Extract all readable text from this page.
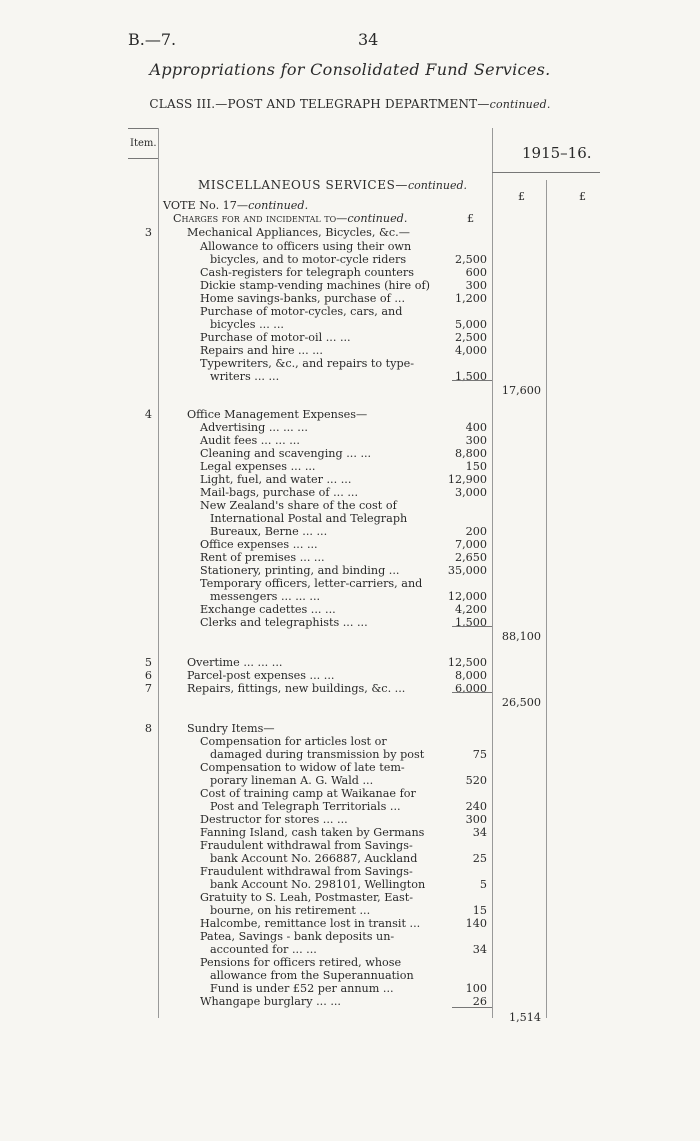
B.—7.	34
Appropriations for Consolidated Fund Services.
CLASS III.—POST AND TELEGRAPH DEPARTMENT—continued.
Item.
1915–16.
£	£
MISCELLANEOUS SERVICES—continued.
VOTE No. 17—continued.
Charges for and incidental to—continued.	£
3	Mechanical Appliances, Bicycles, &c.—
Allowance to officers using their own
bicycles, and to motor-cycle riders	2,500
Cash-registers for telegraph counters	600
Dickie stamp-vending machines (hire of)	300
Home savings-banks, purchase of ...	1,200
Purchase of motor-cycles, cars, and
bicycles ... ...	5,000
Purchase of motor-oil ... ...	2,500
Repairs and hire ... ...	4,000
Typewriters, &c., and repairs to type-
writers ... ...	1,500
17,600
4	Office Management Expenses—
Advertising ... ... ...	400
Audit fees ... ... ...	300
Cleaning and scavenging ... ...	8,800
Legal expenses ... ...	150
Light, fuel, and water ... ...	12,900
Mail-bags, purchase of ... ...	3,000
New Zealand's share of the cost of
International Postal and Telegraph
Bureaux, Berne ... ...	200
Office expenses ... ...	7,000
Rent of premises ... ...	2,650
Stationery, printing, and binding ...	35,000
Temporary officers, letter-carriers, and
messengers ... ... ...	12,000
Exchange cadettes ... ...	4,200
Clerks and telegraphists ... ...	1,500
88,100
5	Overtime ... ... ...	12,500
6	Parcel-post expenses ... ...	8,000
7	Repairs, fittings, new buildings, &c. ...	6,000
26,500
8	Sundry Items—
Compensation for articles lost or
damaged during transmission by post	75
Compensation to widow of late tem-
porary lineman A. G. Wald ...	520
Cost of training camp at Waikanae for
Post and Telegraph Territorials ...	240
Destructor for stores ... ...	300
Fanning Island, cash taken by Germans	34
Fraudulent withdrawal from Savings-
bank Account No. 266887, Auckland	25
Fraudulent withdrawal from Savings-
bank Account No. 298101, Wellington	5
Gratuity to S. Leah, Postmaster, East-
bourne, on his retirement ...	15
Halcombe, remittance lost in transit ...	140
Patea, Savings - bank deposits un-
accounted for ... ...	34
Pensions for officers retired, whose
allowance from the Superannuation
Fund is under £52 per annum ...	100
Whangape burglary ... ...	26
1,514
